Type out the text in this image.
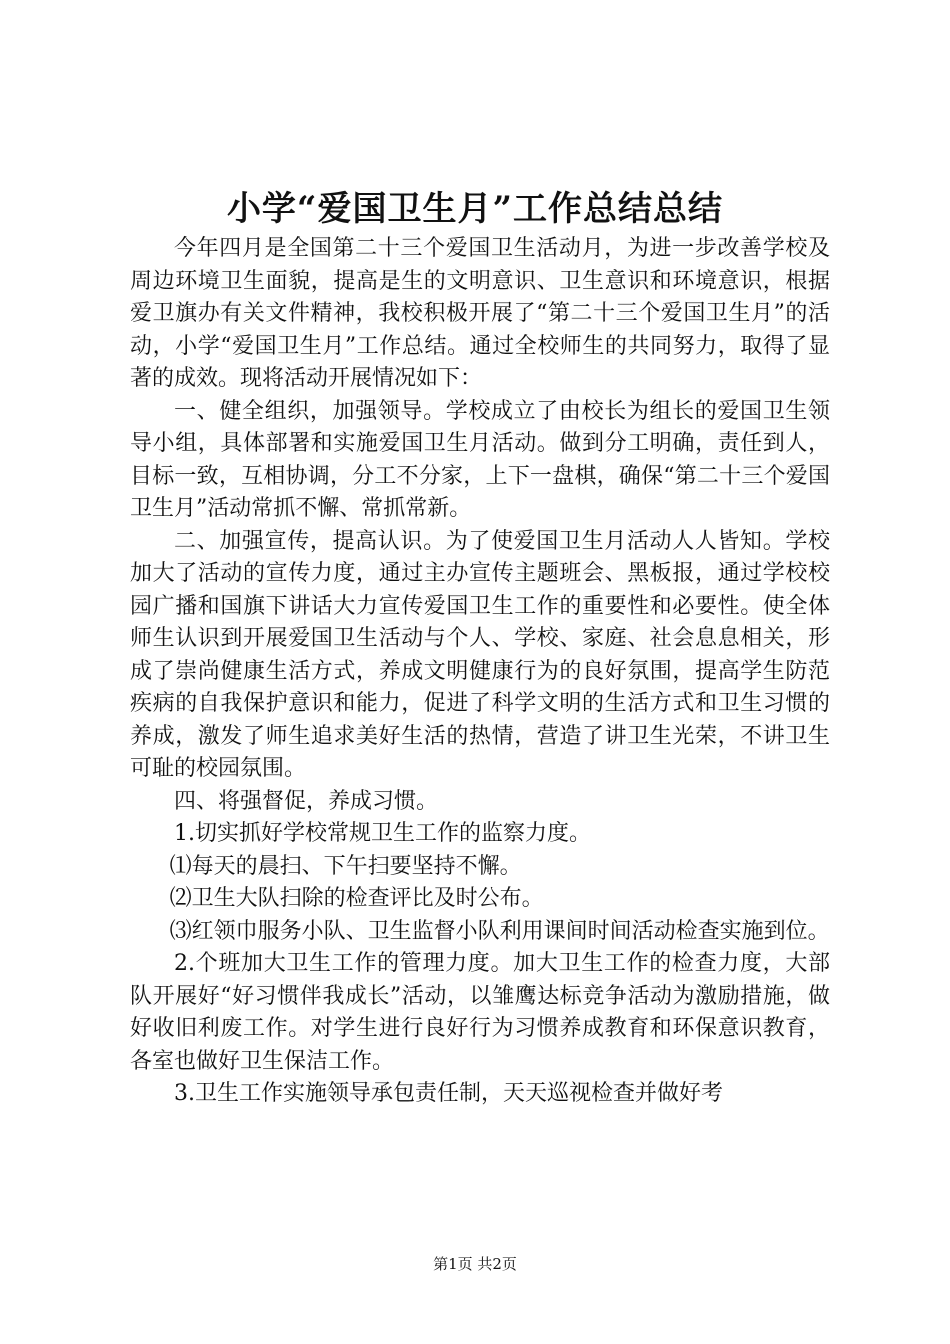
小学“爱国卫生月”工作总结总结

今年四月是全国第二十三个爱国卫生活动月，为进一步改善学校及周边环境卫生面貌，提高是生的文明意识、卫生意识和环境意识，根据爱卫旗办有关文件精神，我校积极开展了“第二十三个爱国卫生月”的活动，小学“爱国卫生月”工作总结。通过全校师生的共同努力，取得了显著的成效。现将活动开展情况如下：

一、健全组织，加强领导。学校成立了由校长为组长的爱国卫生领导小组，具体部署和实施爱国卫生月活动。做到分工明确，责任到人，目标一致，互相协调，分工不分家，上下一盘棋，确保“第二十三个爱国卫生月”活动常抓不懈、常抓常新。

二、加强宣传，提高认识。为了使爱国卫生月活动人人皆知。学校加大了活动的宣传力度，通过主办宣传主题班会、黑板报，通过学校校园广播和国旗下讲话大力宣传爱国卫生工作的重要性和必要性。使全体师生认识到开展爱国卫生活动与个人、学校、家庭、社会息息相关，形成了崇尚健康生活方式，养成文明健康行为的良好氛围，提高学生防范疾病的自我保护意识和能力，促进了科学文明的生活方式和卫生习惯的养成，激发了师生追求美好生活的热情，营造了讲卫生光荣，不讲卫生可耻的校园氛围。

四、将强督促，养成习惯。

1.切实抓好学校常规卫生工作的监察力度。

⑴每天的晨扫、下午扫要坚持不懈。

⑵卫生大队扫除的检查评比及时公布。

⑶红领巾服务小队、卫生监督小队利用课间时间活动检查实施到位。

2.个班加大卫生工作的管理力度。加大卫生工作的检查力度，大部队开展好“好习惯伴我成长”活动，以雏鹰达标竞争活动为激励措施，做好收旧利废工作。对学生进行良好行为习惯养成教育和环保意识教育，各室也做好卫生保洁工作。

3.卫生工作实施领导承包责任制，天天巡视检查并做好考

第1页 共2页
